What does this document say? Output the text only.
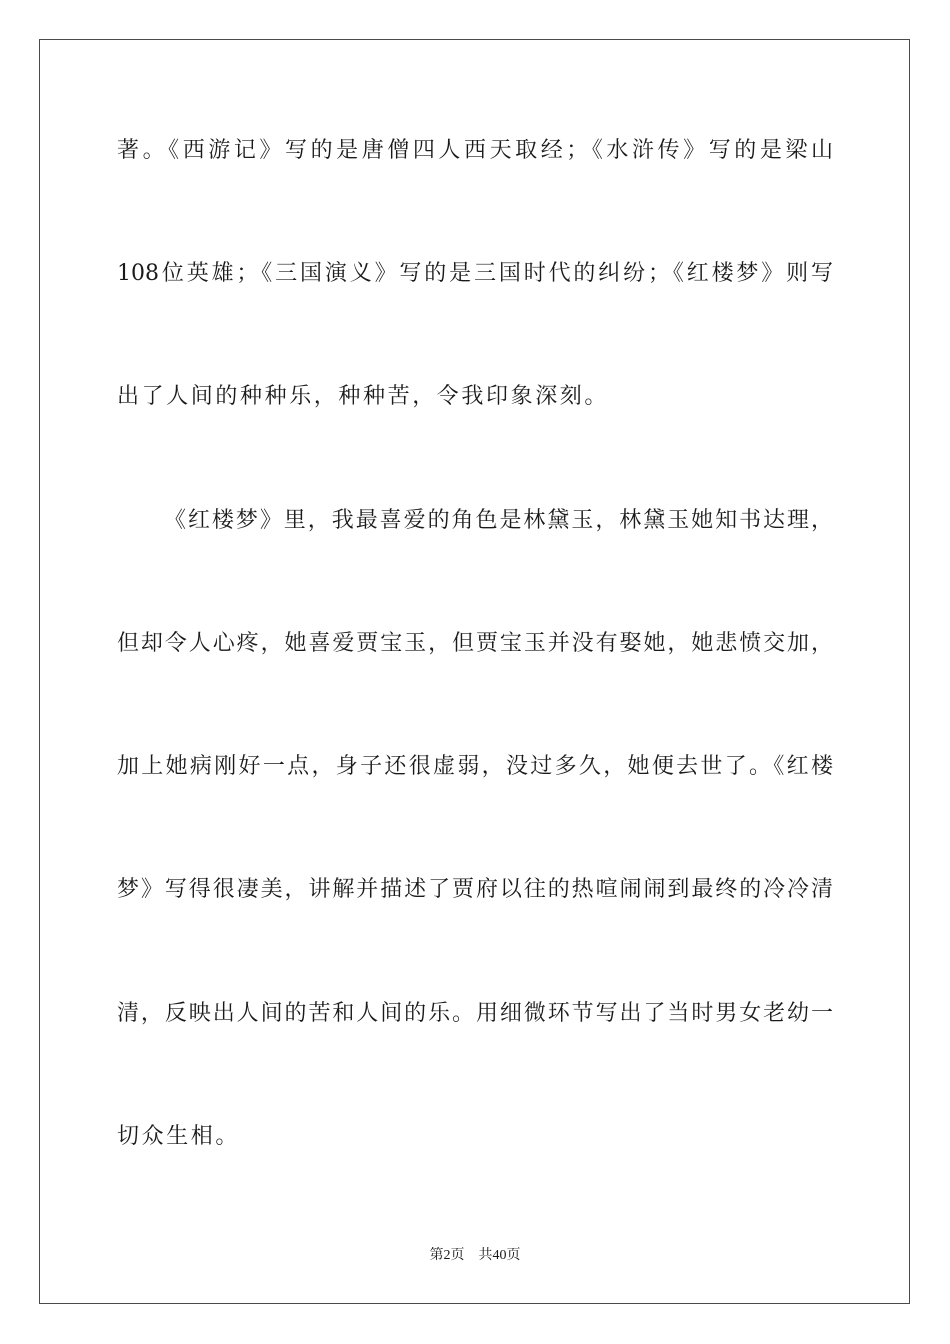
著。《西游记》写的是唐僧四人西天取经；《水浒传》写的是梁山
108位英雄；《三国演义》写的是三国时代的纠纷；《红楼梦》则写
出了人间的种种乐，种种苦，令我印象深刻。
《红楼梦》里，我最喜爱的角色是林黛玉，林黛玉她知书达理，
但却令人心疼，她喜爱贾宝玉，但贾宝玉并没有娶她，她悲愤交加，
加上她病刚好一点，身子还很虚弱，没过多久，她便去世了。《红楼
梦》写得很凄美，讲解并描述了贾府以往的热喧闹闹到最终的冷冷清
清，反映出人间的苦和人间的乐。用细微环节写出了当时男女老幼一
切众生相。
第2页 共40页
